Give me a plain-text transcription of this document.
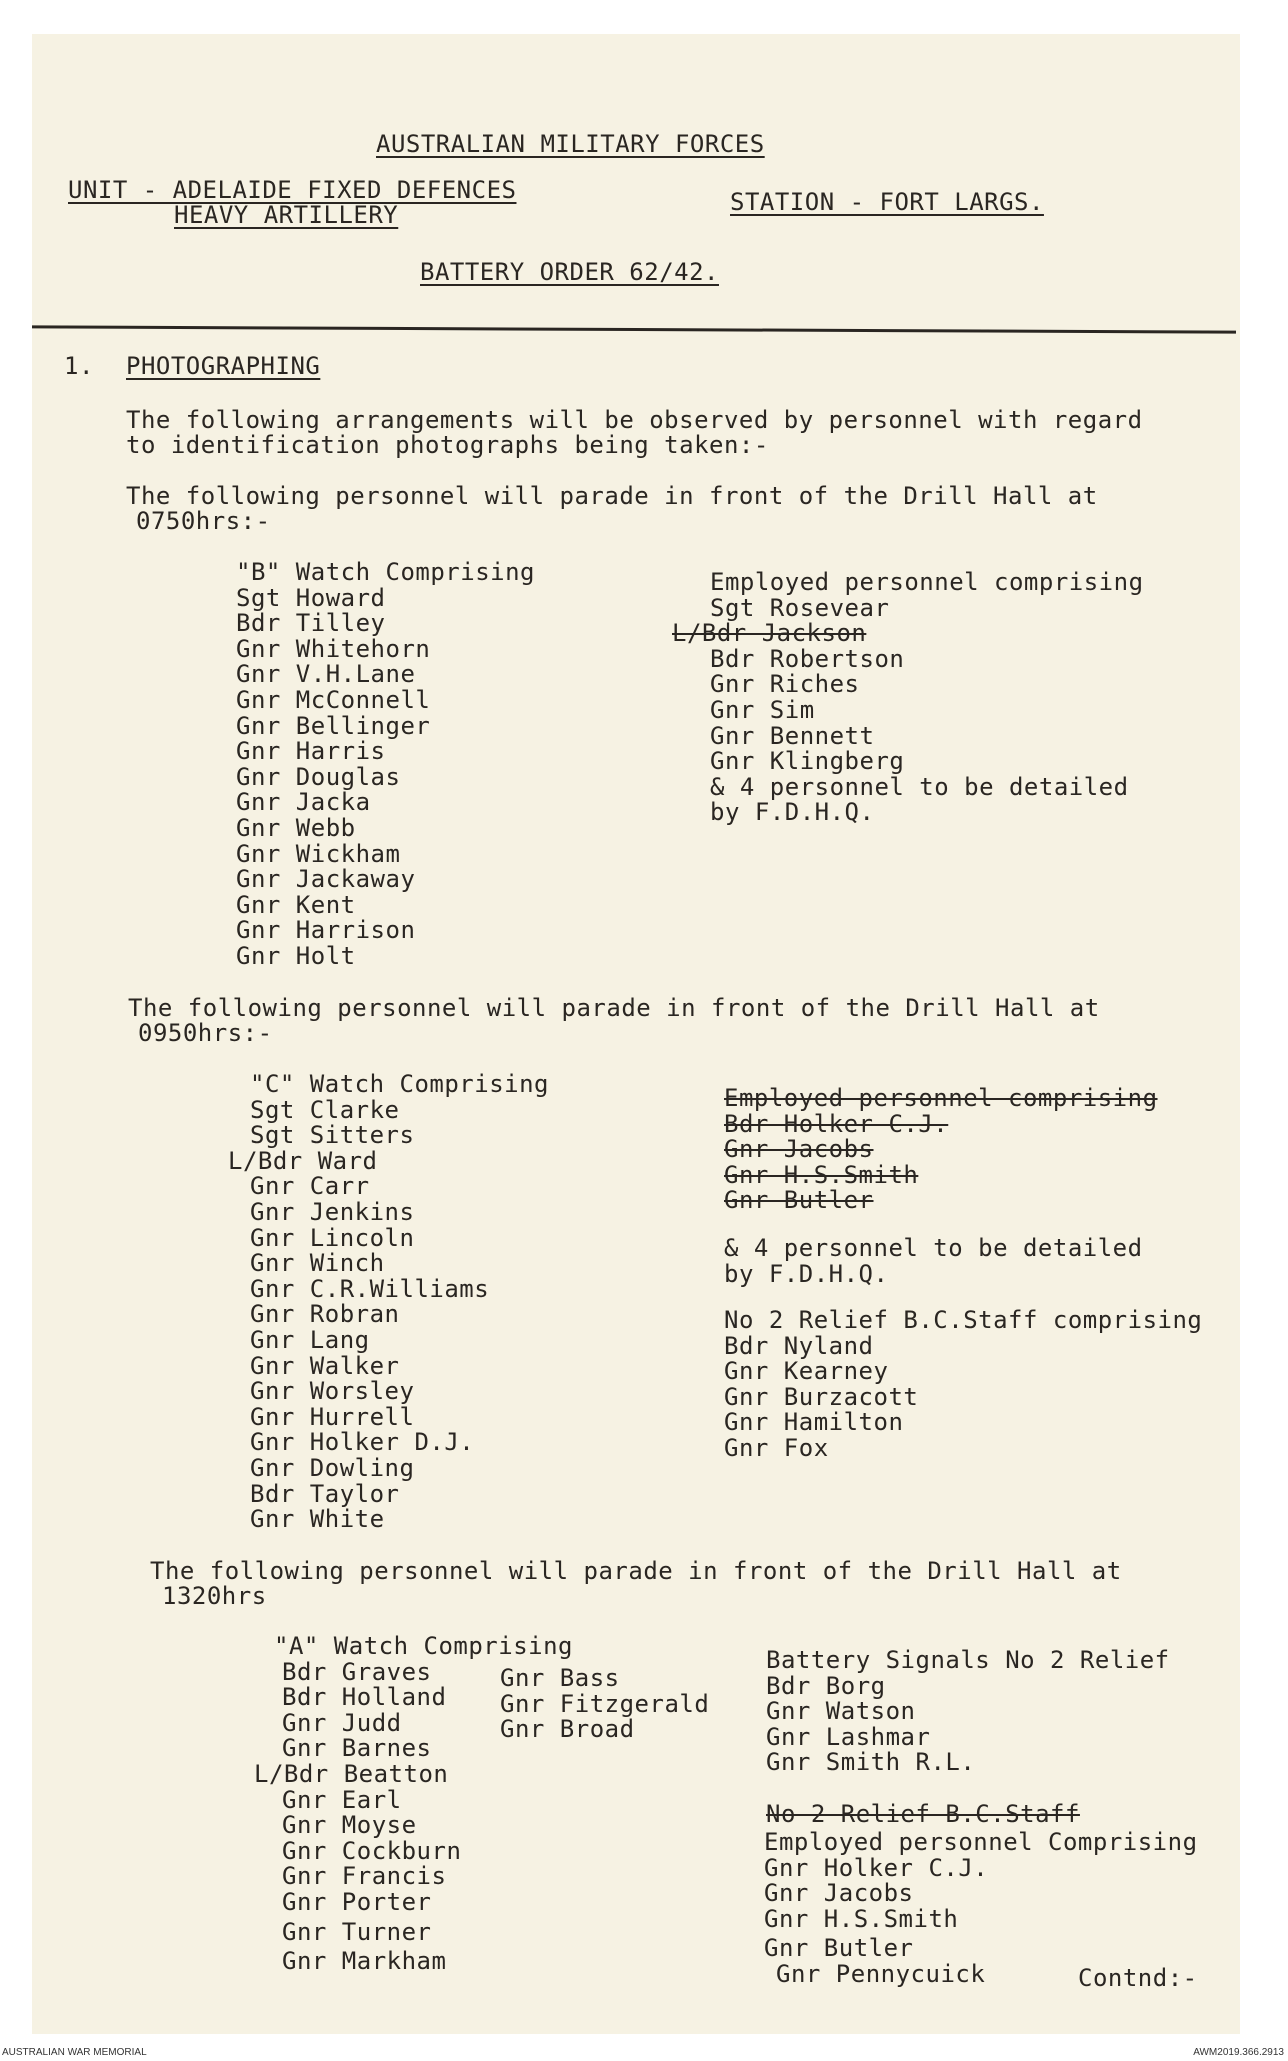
AUSTRALIAN MILITARY FORCES
UNIT - ADELAIDE FIXED DEFENCES
HEAVY ARTILLERY	STATION - FORT LARGS.
BATTERY ORDER 62/42.
1. PHOTOGRAPHING
The following arrangements will be observed by personnel with regard
to identification photographs being taken:-
The following personnel will parade in front of the Drill Hall at
0750hrs:-
"B" Watch Comprising
Sgt Howard
Bdr Tilley
Gnr Whitehorn
Gnr V.H.Lane
Gnr McConnell
Gnr Bellinger
Gnr Harris
Gnr Douglas
Gnr Jacka
Gnr Webb
Gnr Wickham
Gnr Jackaway
Gnr Kent
Gnr Harrison
Gnr Holt
Employed personnel comprising
Sgt Rosevear
L/Bdr Jackson
Bdr Robertson
Gnr Riches
Gnr Sim
Gnr Bennett
Gnr Klingberg
& 4 personnel to be detailed
by F.D.H.Q.
The following personnel will parade in front of the Drill Hall at
0950hrs:-
"C" Watch Comprising
Sgt Clarke
Sgt Sitters
L/Bdr Ward
Gnr Carr
Gnr Jenkins
Gnr Lincoln
Gnr Winch
Gnr C.R.Williams
Gnr Robran
Gnr Lang
Gnr Walker
Gnr Worsley
Gnr Hurrell
Gnr Holker D.J.
Gnr Dowling
Bdr Taylor
Gnr White
Employed personnel comprising
Bdr Holker C.J.
Gnr Jacobs
Gnr H.S.Smith
Gnr Butler
& 4 personnel to be detailed
by F.D.H.Q.
No 2 Relief B.C.Staff comprising
Bdr Nyland
Gnr Kearney
Gnr Burzacott
Gnr Hamilton
Gnr Fox
The following personnel will parade in front of the Drill Hall at
1320hrs
"A" Watch Comprising
Bdr Graves
Bdr Holland
Gnr Judd
Gnr Barnes
L/Bdr Beatton
Gnr Earl
Gnr Moyse
Gnr Cockburn
Gnr Francis
Gnr Porter
Gnr Turner
Gnr Markham
Gnr Bass
Gnr Fitzgerald
Gnr Broad
Battery Signals No 2 Relief
Bdr Borg
Gnr Watson
Gnr Lashmar
Gnr Smith R.L.
No 2 Relief B.C.Staff
Employed personnel Comprising
Gnr Holker C.J.
Gnr Jacobs
Gnr H.S.Smith
Gnr Butler
Gnr Pennycuick	Contnd:-
AUSTRALIAN WAR MEMORIAL	AWM2019.366.2913
